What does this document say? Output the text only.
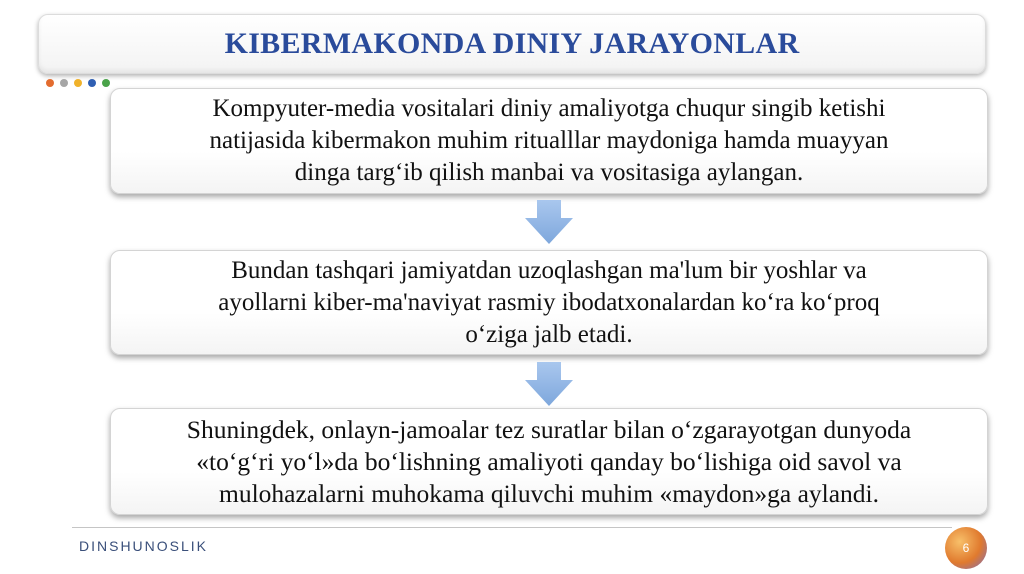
KIBERMAKONDA DINIY JARAYONLAR
Kompyuter-media vositalari diniy amaliyotga chuqur singib ketishi
natijasida kibermakon muhim ritualllar maydoniga hamda muayyan
dinga targ‘ib qilish manbai va vositasiga aylangan.
Bundan tashqari jamiyatdan uzoqlashgan ma'lum bir yoshlar va
ayollarni kiber-ma'naviyat rasmiy ibodatxonalardan ko‘ra ko‘proq
o‘ziga jalb etadi.
Shuningdek, onlayn-jamoalar tez suratlar bilan o‘zgarayotgan dunyoda
«to‘g‘ri yo‘l»da bo‘lishning amaliyoti qanday bo‘lishiga oid savol va
mulohazalarni muhokama qiluvchi muhim «maydon»ga aylandi.
DINSHUNOSLIK	6
